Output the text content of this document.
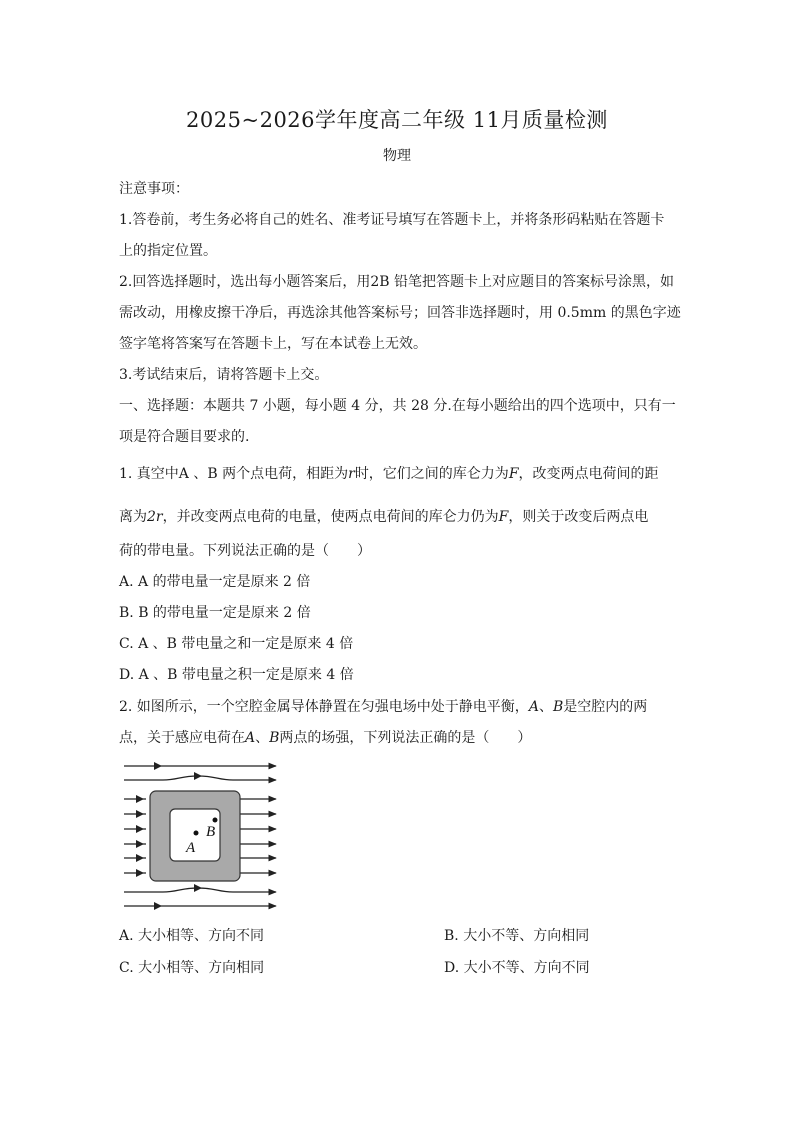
2025~2026学年度高二年级 11月质量检测
物理
注意事项：
1.答卷前，考生务必将自己的姓名、准考证号填写在答题卡上，并将条形码粘贴在答题卡
上的指定位置。
2.回答选择题时，选出每小题答案后，用2B 铅笔把答题卡上对应题目的答案标号涂黑，如
需改动，用橡皮擦干净后，再选涂其他答案标号；回答非选择题时，用 0.5mm 的黑色字迹
签字笔将答案写在答题卡上，写在本试卷上无效。
3.考试结束后，请将答题卡上交。
一、选择题：本题共 7 小题，每小题 4 分，共 28 分.在每小题给出的四个选项中，只有一
项是符合题目要求的.
1. 真空中A 、B 两个点电荷，相距为r时，它们之间的库仑力为F，改变两点电荷间的距
离为2r，并改变两点电荷的电量，使两点电荷间的库仑力仍为F，则关于改变后两点电
荷的带电量。下列说法正确的是（　　）
A. A 的带电量一定是原来 2 倍
B. B 的带电量一定是原来 2 倍
C. A 、B 带电量之和一定是原来 4 倍
D. A 、B 带电量之积一定是原来 4 倍
2. 如图所示，一个空腔金属导体静置在匀强电场中处于静电平衡，A、B是空腔内的两
点，关于感应电荷在A、B两点的场强，下列说法正确的是（　　）
A
B
A. 大小相等、方向不同	B. 大小不等、方向相同
C. 大小相等、方向相同	D. 大小不等、方向不同
